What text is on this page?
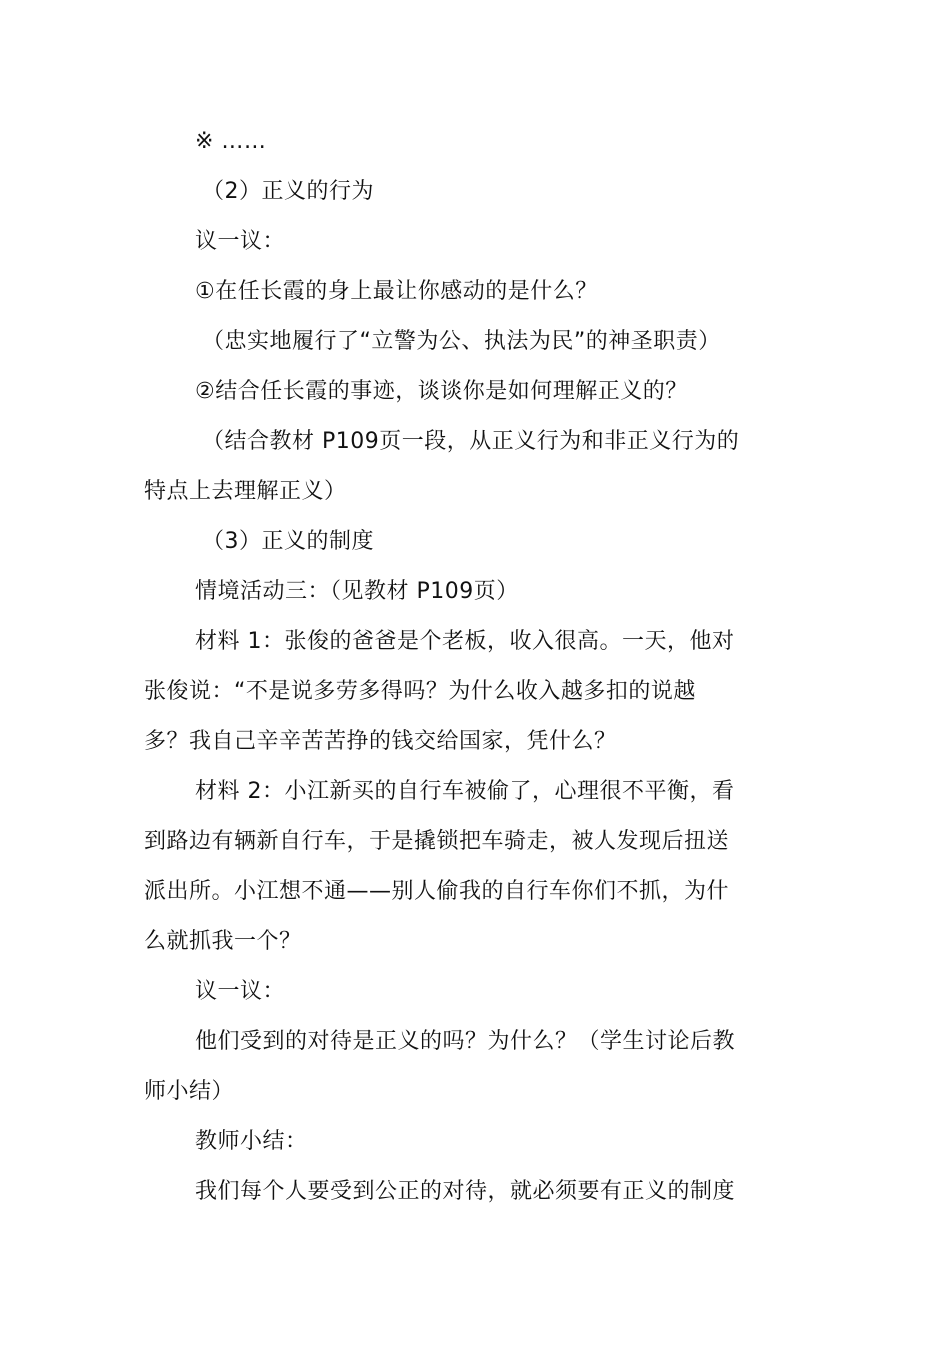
※ ……
（2）正义的行为
议一议：
①在任长霞的身上最让你感动的是什么？
（忠实地履行了“立警为公、执法为民”的神圣职责）
②结合任长霞的事迹，谈谈你是如何理解正义的？
（结合教材 P109页一段，从正义行为和非正义行为的
特点上去理解正义）
（3）正义的制度
情境活动三：（见教材 P109页）
材料 1：张俊的爸爸是个老板，收入很高。一天，他对
张俊说：“不是说多劳多得吗？为什么收入越多扣的说越
多？我自己辛辛苦苦挣的钱交给国家，凭什么？
材料 2：小江新买的自行车被偷了，心理很不平衡，看
到路边有辆新自行车，于是撬锁把车骑走，被人发现后扭送
派出所。小江想不通——别人偷我的自行车你们不抓，为什
么就抓我一个？
议一议：
他们受到的对待是正义的吗？为什么？（学生讨论后教
师小结）
教师小结：
我们每个人要受到公正的对待，就必须要有正义的制度
